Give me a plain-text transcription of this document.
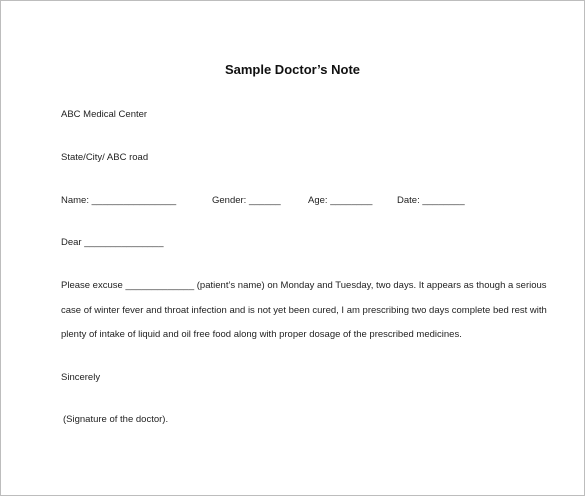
Sample Doctor’s Note
ABC Medical Center
State/City/ ABC road
Name: ________________	Gender: ______	Age: ________	Date: ________
Dear _______________
Please excuse _____________ (patient’s name) on Monday and Tuesday, two days. It appears as though a serious
case of winter fever and throat infection and is not yet been cured, I am prescribing two days complete bed rest with
plenty of intake of liquid and oil free food along with proper dosage of the prescribed medicines.
Sincerely
(Signature of the doctor).
